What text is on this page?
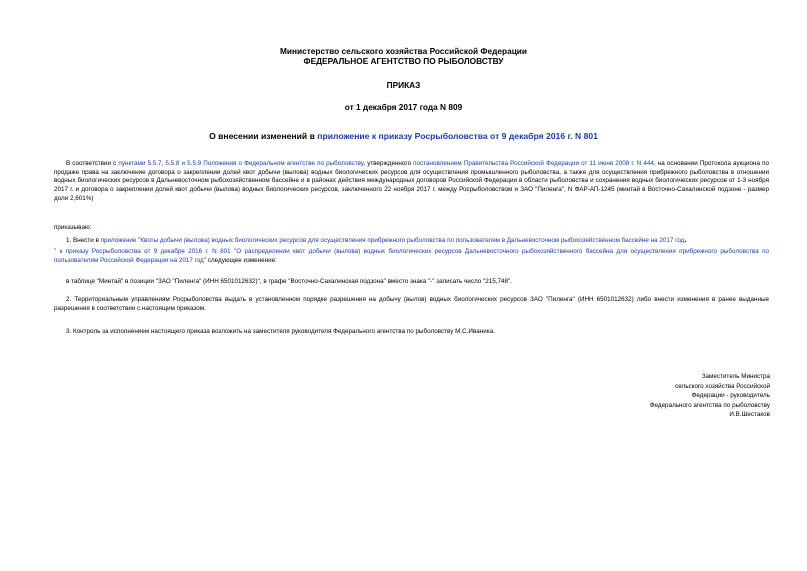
Министерство сельского хозяйства Российской Федерации
ФЕДЕРАЛЬНОЕ АГЕНТСТВО ПО РЫБОЛОВСТВУ
ПРИКАЗ
от 1 декабря 2017 года N 809
О внесении изменений в приложение к приказу Росрыболовства от 9 декабря 2016 г. N 801
В соответствии с пунктами 5.5.7, 5.5.8 и 5.5.9 Положения о Федеральном агентстве по рыболовству, утвержденного постановлением Правительства Российской Федерации от 11 июня 2008 г. N 444, на основании Протокола аукциона по продаже права на заключение договора о закреплении долей квот добычи (вылова) водных биологических ресурсов для осуществления промышленного рыболовства, а также для осуществления прибрежного рыболовства в отношении водных биологических ресурсов в Дальневосточном рыбохозяйственном бассейне и в районах действия международных договоров Российской Федерации в области рыболовства и сохранения водных биологических ресурсов от 1-3 ноября 2017 г. и договора о закреплении долей квот добычи (вылова) водных биологических ресурсов, заключенного 22 ноября 2017 г. между Росрыболовством и ЗАО "Пиленга", N ФАР-АП-1245 (минтай в Восточно-Сахалинской подзоне - размер доли 2,601%)
приказываю:
1. Внести в приложение "Квоты добычи (вылова) водных биологических ресурсов для осуществления прибрежного рыболовства по пользователям в Дальневосточном рыбохозяйственном бассейне на 2017 год.
" к приказу Росрыболовства от 9 декабря 2016 г. N 801 "О распределении квот добычи (вылова) водных биологических ресурсов Дальневосточного рыбохозяйственного бассейна для осуществления прибрежного рыболовства по пользователям Российской Федерации на 2017 год" следующее изменение:
в таблице "Минтай" в позиции "ЗАО "Пиленга" (ИНН 6501012632)", в графе "Восточно-Сахалинская подзона" вместо знака "-" записать число "215,748".
2. Территориальным управлениям Росрыболовства выдать в установленном порядке разрешения на добычу (вылов) водных биологических ресурсов ЗАО "Пиленга" (ИНН 6501012632) либо внести изменения в ранее выданные разрешения в соответствии с настоящим приказом.
3. Контроль за исполнением настоящего приказа возложить на заместителя руководителя Федерального агентства по рыболовству М.С.Иваника.
Заместитель Министра
сельского хозяйства Российской
Федерации - руководитель
Федерального агентства по рыболовству
И.В.Шестаков
